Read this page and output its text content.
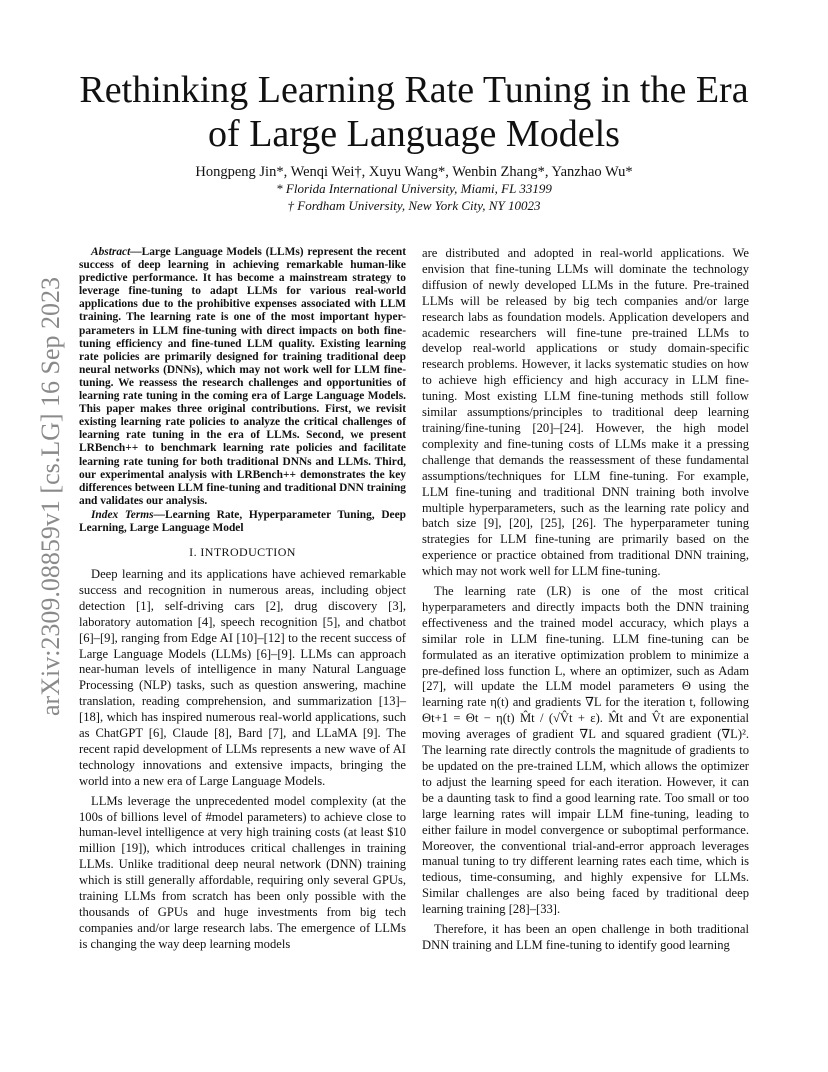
arXiv:2309.08859v1 [cs.LG] 16 Sep 2023
Rethinking Learning Rate Tuning in the Era of Large Language Models
Hongpeng Jin*, Wenqi Wei†, Xuyu Wang*, Wenbin Zhang*, Yanzhao Wu*
* Florida International University, Miami, FL 33199
† Fordham University, New York City, NY 10023

Abstract—Large Language Models (LLMs) represent the recent success of deep learning in achieving remarkable human-like predictive performance. It has become a mainstream strategy to leverage fine-tuning to adapt LLMs for various real-world applications due to the prohibitive expenses associated with LLM training. The learning rate is one of the most important hyper-parameters in LLM fine-tuning with direct impacts on both fine-tuning efficiency and fine-tuned LLM quality. Existing learning rate policies are primarily designed for training traditional deep neural networks (DNNs), which may not work well for LLM fine-tuning. We reassess the research challenges and opportunities of learning rate tuning in the coming era of Large Language Models. This paper makes three original contributions. First, we revisit existing learning rate policies to analyze the critical challenges of learning rate tuning in the era of LLMs. Second, we present LRBench++ to benchmark learning rate policies and facilitate learning rate tuning for both traditional DNNs and LLMs. Third, our experimental analysis with LRBench++ demonstrates the key differences between LLM fine-tuning and traditional DNN training and validates our analysis.

Index Terms—Learning Rate, Hyperparameter Tuning, Deep Learning, Large Language Model

I. INTRODUCTION

Deep learning and its applications have achieved remarkable success and recognition in numerous areas, including object detection [1], self-driving cars [2], drug discovery [3], laboratory automation [4], speech recognition [5], and chatbot [6]–[9], ranging from Edge AI [10]–[12] to the recent success of Large Language Models (LLMs) [6]–[9]. LLMs can approach near-human levels of intelligence in many Natural Language Processing (NLP) tasks, such as question answering, machine translation, reading comprehension, and summarization [13]–[18], which has inspired numerous real-world applications, such as ChatGPT [6], Claude [8], Bard [7], and LLaMA [9]. The recent rapid development of LLMs represents a new wave of AI technology innovations and extensive impacts, bringing the world into a new era of Large Language Models.

LLMs leverage the unprecedented model complexity (at the 100s of billions level of #model parameters) to achieve close to human-level intelligence at very high training costs (at least $10 million [19]), which introduces critical challenges in training LLMs. Unlike traditional deep neural network (DNN) training which is still generally affordable, requiring only several GPUs, training LLMs from scratch has been only possible with the thousands of GPUs and huge investments from big tech companies and/or large research labs. The emergence of LLMs is changing the way deep learning models

are distributed and adopted in real-world applications. We envision that fine-tuning LLMs will dominate the technology diffusion of newly developed LLMs in the future. Pre-trained LLMs will be released by big tech companies and/or large research labs as foundation models. Application developers and academic researchers will fine-tune pre-trained LLMs to develop real-world applications or study domain-specific research problems. However, it lacks systematic studies on how to achieve high efficiency and high accuracy in LLM fine-tuning. Most existing LLM fine-tuning methods still follow similar assumptions/principles to traditional deep learning training/fine-tuning [20]–[24]. However, the high model complexity and fine-tuning costs of LLMs make it a pressing challenge that demands the reassessment of these fundamental assumptions/techniques for LLM fine-tuning. For example, LLM fine-tuning and traditional DNN training both involve multiple hyperparameters, such as the learning rate policy and batch size [9], [20], [25], [26]. The hyperparameter tuning strategies for LLM fine-tuning are primarily based on the experience or practice obtained from traditional DNN training, which may not work well for LLM fine-tuning.

The learning rate (LR) is one of the most critical hyperparameters and directly impacts both the DNN training effectiveness and the trained model accuracy, which plays a similar role in LLM fine-tuning. LLM fine-tuning can be formulated as an iterative optimization problem to minimize a pre-defined loss function L, where an optimizer, such as Adam [27], will update the LLM model parameters Θ using the learning rate η(t) and gradients ∇L for the iteration t, following Θt+1 = Θt − η(t) M̂t / (√V̂t + ε). M̂t and V̂t are exponential moving averages of gradient ∇L and squared gradient (∇L)². The learning rate directly controls the magnitude of gradients to be updated on the pre-trained LLM, which allows the optimizer to adjust the learning speed for each iteration. However, it can be a daunting task to find a good learning rate. Too small or too large learning rates will impair LLM fine-tuning, leading to either failure in model convergence or suboptimal performance. Moreover, the conventional trial-and-error approach leverages manual tuning to try different learning rates each time, which is tedious, time-consuming, and highly expensive for LLMs. Similar challenges are also being faced by traditional deep learning training [28]–[33].

Therefore, it has been an open challenge in both traditional DNN training and LLM fine-tuning to identify good learning
